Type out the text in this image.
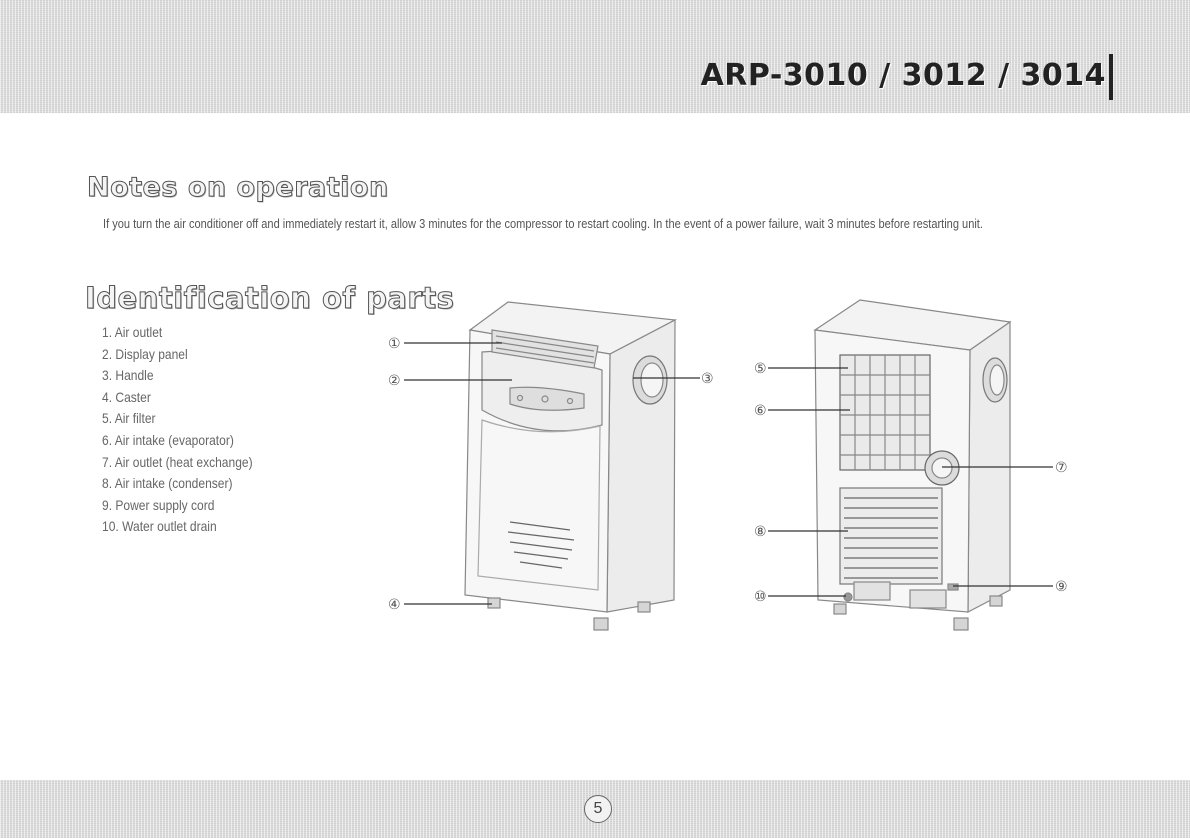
ARP-3010 / 3012 / 3014
Notes on operation

If you turn the air conditioner off and immediately restart it, allow 3 minutes for the compressor to restart cooling. In the event of a power failure, wait 3 minutes before restarting unit.

Identification of parts
1. Air outlet
2. Display panel
3. Handle
4. Caster
5. Air filter
6. Air intake (evaporator)
7. Air outlet (heat exchange)
8. Air intake (condenser)
9. Power supply cord
10. Water outlet drain
①
②	③
④
⑤
⑥
⑦
⑧
⑨
⑩
5
